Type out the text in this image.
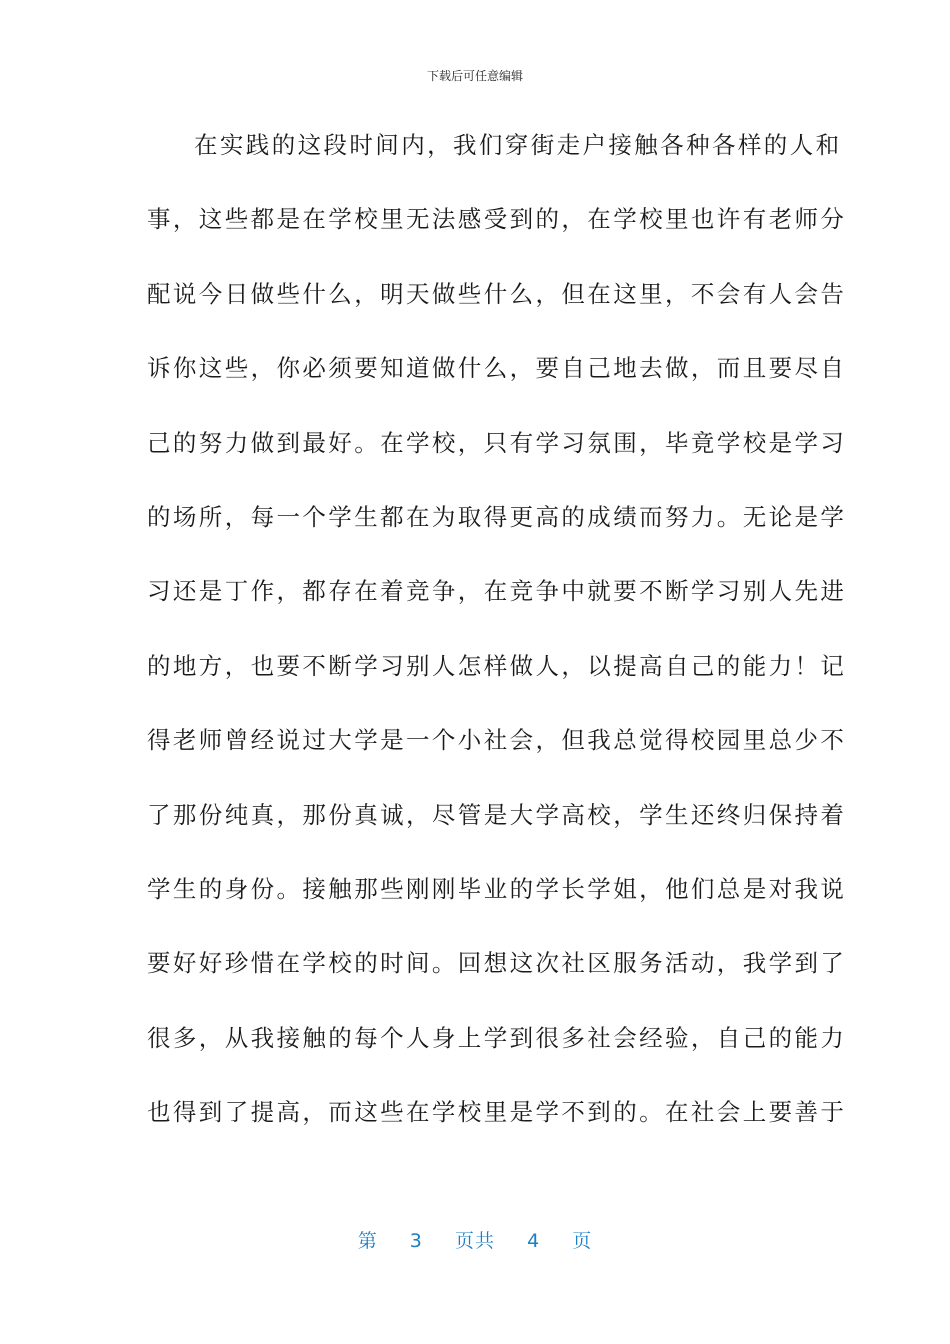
下载后可任意编辑
在实践的这段时间内，我们穿街走户接触各种各样的人和
事，这些都是在学校里无法感受到的，在学校里也许有老师分
配说今日做些什么，明天做些什么，但在这里，不会有人会告
诉你这些，你必须要知道做什么，要自己地去做，而且要尽自
己的努力做到最好。在学校，只有学习氛围，毕竟学校是学习
的场所，每一个学生都在为取得更高的成绩而努力。无论是学
习还是丁作，都存在着竞争，在竞争中就要不断学习别人先进
的地方，也要不断学习别人怎样做人，以提高自己的能力！记
得老师曾经说过大学是一个小社会，但我总觉得校园里总少不
了那份纯真，那份真诚，尽管是大学高校，学生还终归保持着
学生的身份。接触那些刚刚毕业的学长学姐，他们总是对我说
要好好珍惜在学校的时间。回想这次社区服务活动，我学到了
很多，从我接触的每个人身上学到很多社会经验，自己的能力
也得到了提高，而这些在学校里是学不到的。在社会上要善于
第 3 页共 4 页
